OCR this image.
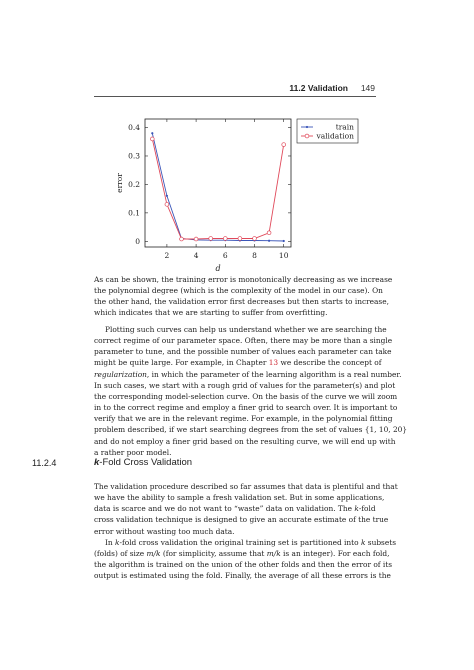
11.2 Validation 149
2	4	6	8	10
0
0.1
0.2
0.3
0.4
d
error
train
validation

As can be shown, the training error is monotonically decreasing as we increase
the polynomial degree (which is the complexity of the model in our case). On
the other hand, the validation error first decreases but then starts to increase,
which indicates that we are starting to suffer from overfitting.

Plotting such curves can help us understand whether we are searching the
correct regime of our parameter space. Often, there may be more than a single
parameter to tune, and the possible number of values each parameter can take
might be quite large. For example, in Chapter 13 we describe the concept of
regularization, in which the parameter of the learning algorithm is a real number.
In such cases, we start with a rough grid of values for the parameter(s) and plot
the corresponding model-selection curve. On the basis of the curve we will zoom
in to the correct regime and employ a finer grid to search over. It is important to
verify that we are in the relevant regime. For example, in the polynomial fitting
problem described, if we start searching degrees from the set of values {1, 10, 20}
and do not employ a finer grid based on the resulting curve, we will end up with
a rather poor model.

11.2.4	k-Fold Cross Validation

The validation procedure described so far assumes that data is plentiful and that
we have the ability to sample a fresh validation set. But in some applications,
data is scarce and we do not want to “waste” data on validation. The k-fold
cross validation technique is designed to give an accurate estimate of the true
error without wasting too much data.

In k-fold cross validation the original training set is partitioned into k subsets
(folds) of size m/k (for simplicity, assume that m/k is an integer). For each fold,
the algorithm is trained on the union of the other folds and then the error of its
output is estimated using the fold. Finally, the average of all these errors is the
